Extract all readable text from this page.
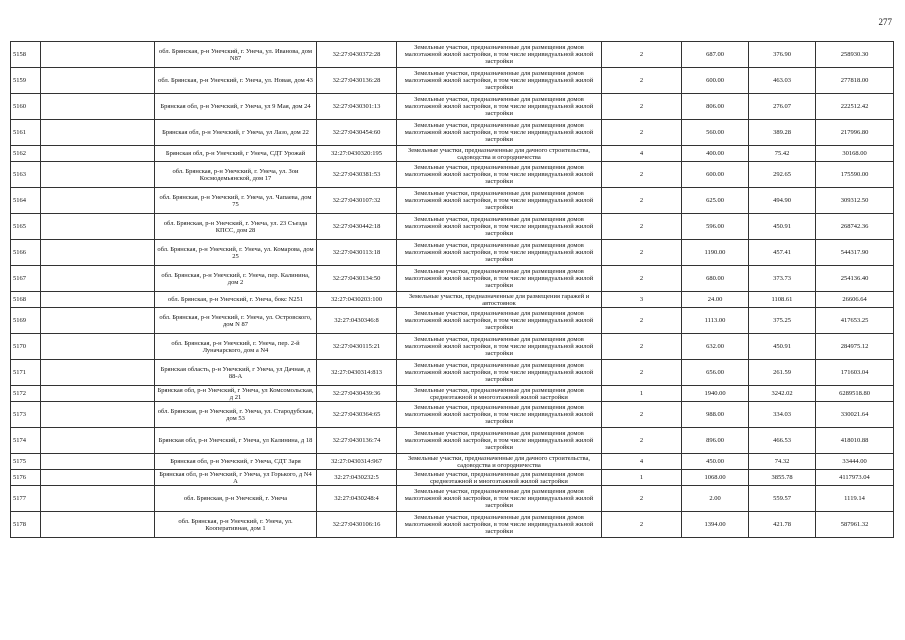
277
5158		обл. Брянская, р-н Унечский, г. Унеча, ул. Иванова, дом N87	32:27:0430372:28	Земельные участки, предназначенные для размещения домов малоэтажной жилой застройки, в том числе индивидуальной жилой застройки	2	687.00	376.90	258930.30
5159		обл. Брянская, р-н Унечский, г. Унеча, ул. Новая, дом 43	32:27:0430136:28	Земельные участки, предназначенные для размещения домов малоэтажной жилой застройки, в том числе индивидуальной жилой застройки	2	600.00	463.03	277818.00
5160		Брянская обл, р-н Унечский, г Унеча, ул 9 Мая, дом 24	32:27:0430301:13	Земельные участки, предназначенные для размещения домов малоэтажной жилой застройки, в том числе индивидуальной жилой застройки	2	806.00	276.07	222512.42
5161		Брянская обл, р-н Унечский, г Унеча, ул Лазо, дом 22	32:27:0430454:60	Земельные участки, предназначенные для размещения домов малоэтажной жилой застройки, в том числе индивидуальной жилой застройки	2	560.00	389.28	217996.80
5162		Брянская обл, р-н Унечский, г Унеча, СДТ Урожай	32:27:0430320:195	Земельные участки, предназначенные для дачного строительства, садоводства и огородничества	4	400.00	75.42	30168.00
5163		обл. Брянская, р-н Унечский, г. Унеча, ул. Зои Космодемьянской, дом 17	32:27:0430381:53	Земельные участки, предназначенные для размещения домов малоэтажной жилой застройки, в том числе индивидуальной жилой застройки	2	600.00	292.65	175590.00
5164		обл. Брянская, р-н Унечский, г. Унеча, ул. Чапаева, дом 75	32:27:0430107:32	Земельные участки, предназначенные для размещения домов малоэтажной жилой застройки, в том числе индивидуальной жилой застройки	2	625.00	494.90	309312.50
5165		обл. Брянская, р-н Унечский, г. Унеча, ул. 23 Съезда КПСС, дом 28	32:27:0430442:18	Земельные участки, предназначенные для размещения домов малоэтажной жилой застройки, в том числе индивидуальной жилой застройки	2	596.00	450.91	268742.36
5166		обл. Брянская, р-н Унечский, г. Унеча, ул. Комарова, дом 25	32:27:0430113:18	Земельные участки, предназначенные для размещения домов малоэтажной жилой застройки, в том числе индивидуальной жилой застройки	2	1190.00	457.41	544317.90
5167		обл. Брянская, р-н Унечский, г. Унеча, пер. Калинина, дом 2	32:27:0430134:50	Земельные участки, предназначенные для размещения домов малоэтажной жилой застройки, в том числе индивидуальной жилой застройки	2	680.00	373.73	254136.40
5168		обл. Брянская, р-н Унечский, г. Унеча, бокс N251	32:27:0430203:100	Земельные участки, предназначенные для размещения гаражей и автостоянок	3	24.00	1108.61	26606.64
5169		обл. Брянская, р-н Унечский, г. Унеча, ул. Островского, дом N 87	32:27:0430346:8	Земельные участки, предназначенные для размещения домов малоэтажной жилой застройки, в том числе индивидуальной жилой застройки	2	1113.00	375.25	417653.25
5170		обл. Брянская, р-н Унечский, г. Унеча, пер. 2-й Луначарского, дом а N4	32:27:0430115:21	Земельные участки, предназначенные для размещения домов малоэтажной жилой застройки, в том числе индивидуальной жилой застройки	2	632.00	450.91	284975.12
5171		Брянская область, р-н Унечский, г Унеча, ул Дачная, д 88-А	32:27:0430314:813	Земельные участки, предназначенные для размещения домов малоэтажной жилой застройки, в том числе индивидуальной жилой застройки	2	656.00	261.59	171603.04
5172		Брянская обл, р-н Унечский, г Унеча, ул Комсомольская, д 21	32:27:0430439:36	Земельные участки, предназначенные для размещения домов среднеэтажной и многоэтажной жилой застройки	1	1940.00	3242.02	6289518.80
5173		обл. Брянская, р-н Унечский, г. Унеча, ул. Стародубская, дом 53	32:27:0430364:65	Земельные участки, предназначенные для размещения домов малоэтажной жилой застройки, в том числе индивидуальной жилой застройки	2	988.00	334.03	330021.64
5174		Брянская обл, р-н Унечский, г Унеча, ул Калинина, д 18	32:27:0430136:74	Земельные участки, предназначенные для размещения домов малоэтажной жилой застройки, в том числе индивидуальной жилой застройки	2	896.00	466.53	418010.88
5175		Брянская обл, р-н Унечский, г Унеча, СДТ Заря	32:27:0430314:967	Земельные участки, предназначенные для дачного строительства, садоводства и огородничества	4	450.00	74.32	33444.00
5176		Брянская обл, р-н Унечский, г Унеча, ул Горького, д N4 А	32:27:0430232:5	Земельные участки, предназначенные для размещения домов среднеэтажной и многоэтажной жилой застройки	1	1068.00	3855.78	4117973.04
5177		обл. Брянская, р-н Унечский, г. Унеча	32:27:0430248:4	Земельные участки, предназначенные для размещения домов малоэтажной жилой застройки, в том числе индивидуальной жилой застройки	2	2.00	559.57	1119.14
5178		обл. Брянская, р-н Унечский, г. Унеча, ул. Кооперативная, дом 1	32:27:0430106:16	Земельные участки, предназначенные для размещения домов малоэтажной жилой застройки, в том числе индивидуальной жилой застройки	2	1394.00	421.78	587961.32
